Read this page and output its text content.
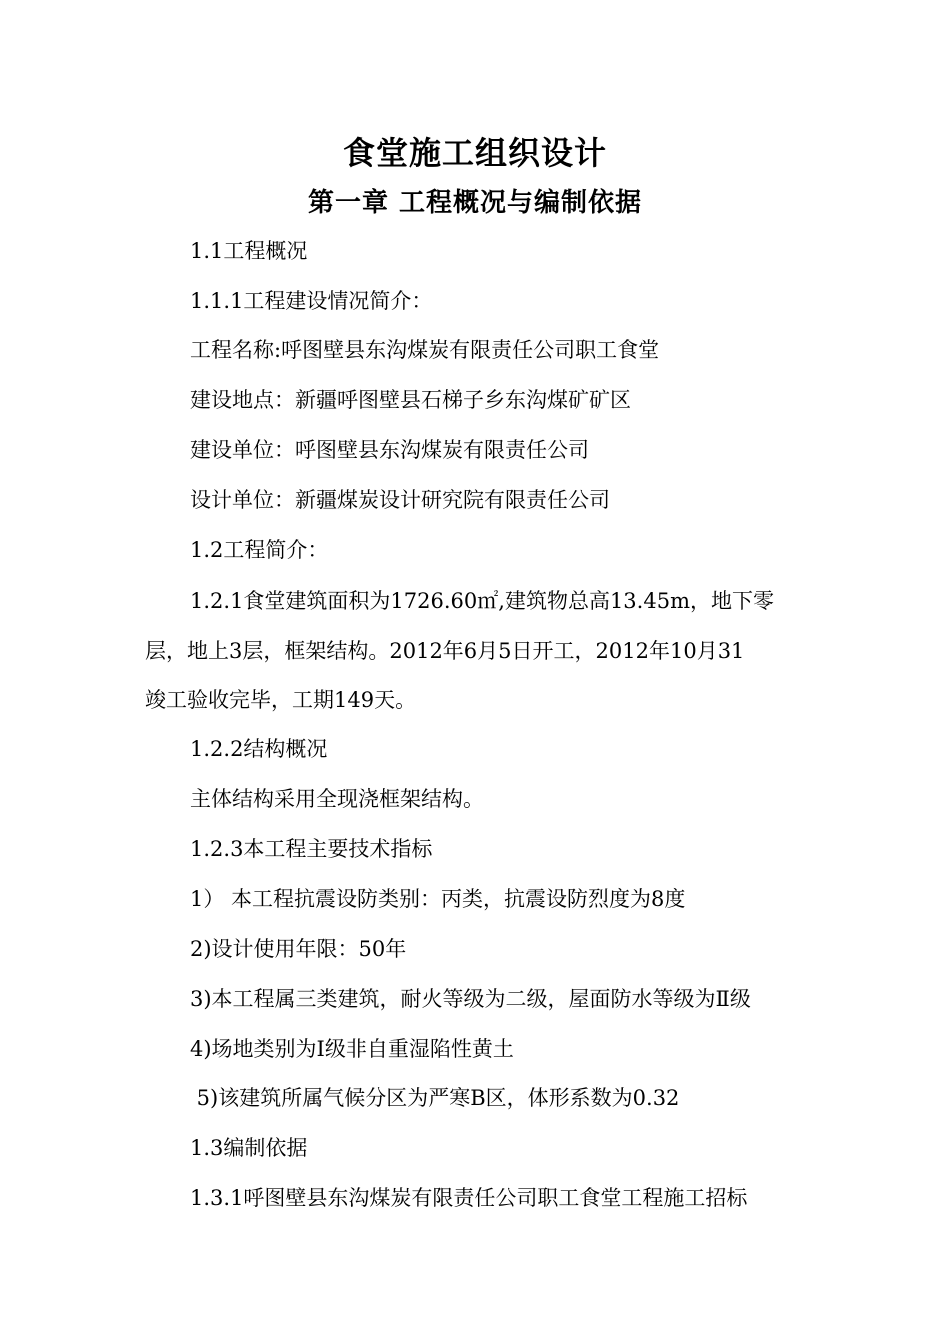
食堂施工组织设计
第一章 工程概况与编制依据

1.1工程概况

1.1.1工程建设情况简介：

工程名称:呼图壁县东沟煤炭有限责任公司职工食堂

建设地点：新疆呼图壁县石梯子乡东沟煤矿矿区

建设单位：呼图壁县东沟煤炭有限责任公司

设计单位：新疆煤炭设计研究院有限责任公司

1.2工程简介：

1.2.1食堂建筑面积为1726.60㎡,建筑物总高13.45m，地下零

层，地上3层，框架结构。2012年6月5日开工，2012年10月31

竣工验收完毕，工期149天。

1.2.2结构概况

主体结构采用全现浇框架结构。

1.2.3本工程主要技术指标

1） 本工程抗震设防类别：丙类，抗震设防烈度为8度

2)设计使用年限：50年

3)本工程属三类建筑，耐火等级为二级，屋面防水等级为Ⅱ级

4)场地类别为Ⅰ级非自重湿陷性黄土

5)该建筑所属气候分区为严寒B区，体形系数为0.32

1.3编制依据

1.3.1呼图壁县东沟煤炭有限责任公司职工食堂工程施工招标
